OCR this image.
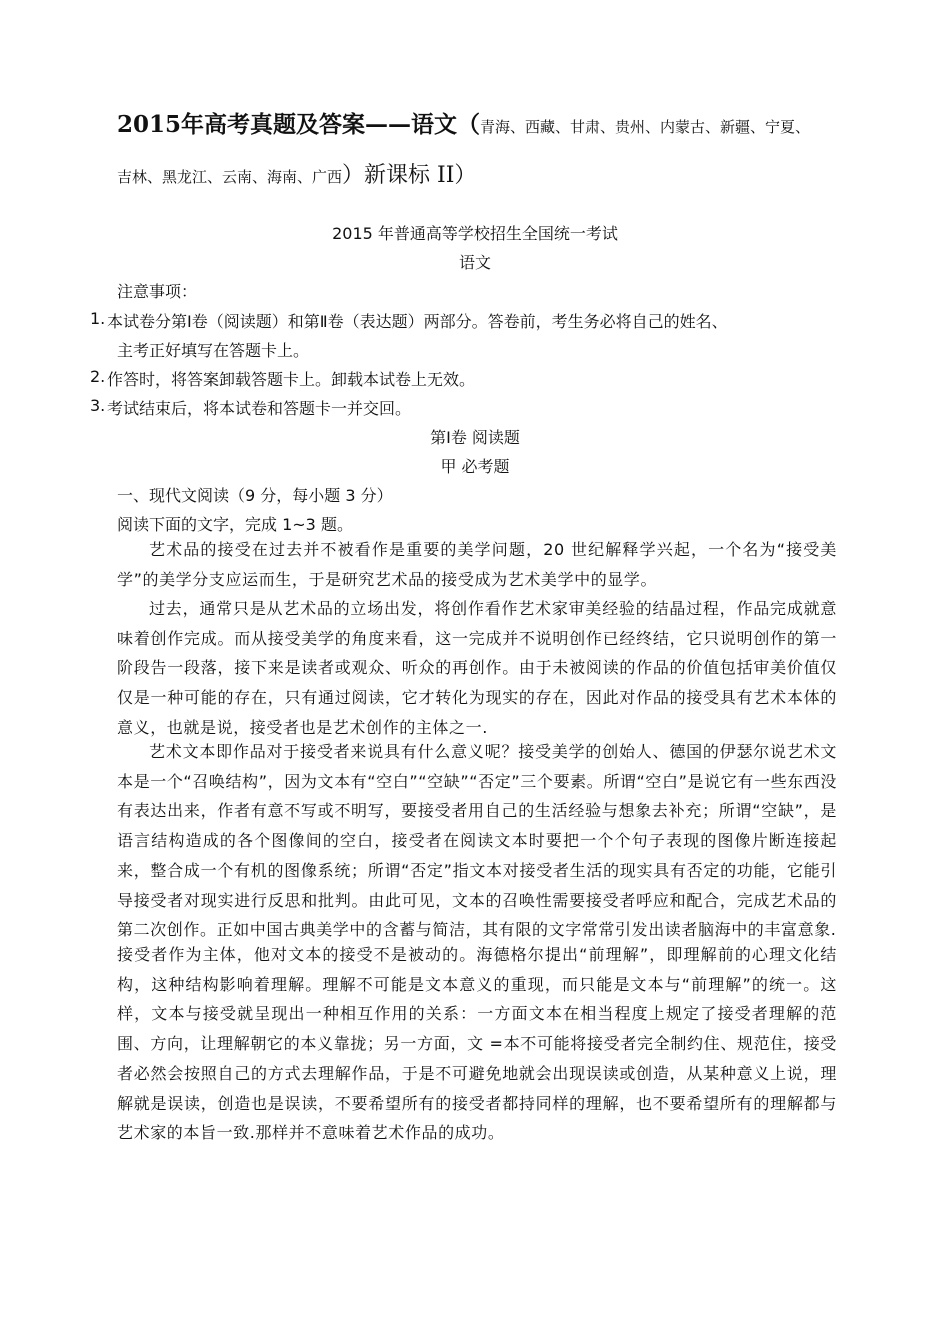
2015年高考真题及答案——语文（青海、西藏、甘肃、贵州、内蒙古、新疆、宁夏、
吉林、黑龙江、云南、海南、广西）新课标 II）
2015 年普通高等学校招生全国统一考试
语文
注意事项：
1. 本试卷分第Ⅰ卷（阅读题）和第Ⅱ卷（表达题）两部分。答卷前，考生务必将自己的姓名、
主考正好填写在答题卡上。
2. 作答时，将答案卸载答题卡上。卸载本试卷上无效。
3. 考试结束后，将本试卷和答题卡一并交回。
第Ⅰ卷 阅读题
甲 必考题
一、现代文阅读（9 分，每小题 3 分）
阅读下面的文字，完成 1~3 题。
艺术品的接受在过去并不被看作是重要的美学问题，20 世纪解释学兴起，一个名为“接受美学”的美学分支应运而生，于是研究艺术品的接受成为艺术美学中的显学。
过去，通常只是从艺术品的立场出发，将创作看作艺术家审美经验的结晶过程，作品完成就意味着创作完成。而从接受美学的角度来看，这一完成并不说明创作已经终结，它只说明创作的第一阶段告一段落，接下来是读者或观众、听众的再创作。由于未被阅读的作品的价值包括审美价值仅仅是一种可能的存在，只有通过阅读，它才转化为现实的存在，因此对作品的接受具有艺术本体的意义，也就是说，接受者也是艺术创作的主体之一.
艺术文本即作品对于接受者来说具有什么意义呢？接受美学的创始人、德国的伊瑟尔说艺术文本是一个“召唤结构”，因为文本有“空白”“空缺”“否定”三个要素。所谓“空白”是说它有一些东西没有表达出来，作者有意不写或不明写，要接受者用自己的生活经验与想象去补充；所谓“空缺”，是语言结构造成的各个图像间的空白，接受者在阅读文本时要把一个个句子表现的图像片断连接起来，整合成一个有机的图像系统；所谓“否定”指文本对接受者生活的现实具有否定的功能，它能引导接受者对现实进行反思和批判。由此可见，文本的召唤性需要接受者呼应和配合，完成艺术品的第二次创作。正如中国古典美学中的含蓄与简洁，其有限的文字常常引发出读者脑海中的丰富意象.
接受者作为主体，他对文本的接受不是被动的。海德格尔提出“前理解”，即理解前的心理文化结构，这种结构影响着理解。理解不可能是文本意义的重现，而只能是文本与“前理解”的统一。这样，文本与接受就呈现出一种相互作用的关系：一方面文本在相当程度上规定了接受者理解的范围、方向，让理解朝它的本义靠拢；另一方面，文 =本不可能将接受者完全制约住、规范住，接受者必然会按照自己的方式去理解作品，于是不可避免地就会出现误读或创造，从某种意义上说，理解就是误读，创造也是误读，不要希望所有的接受者都持同样的理解，也不要希望所有的理解都与艺术家的本旨一致.那样并不意味着艺术作品的成功。
